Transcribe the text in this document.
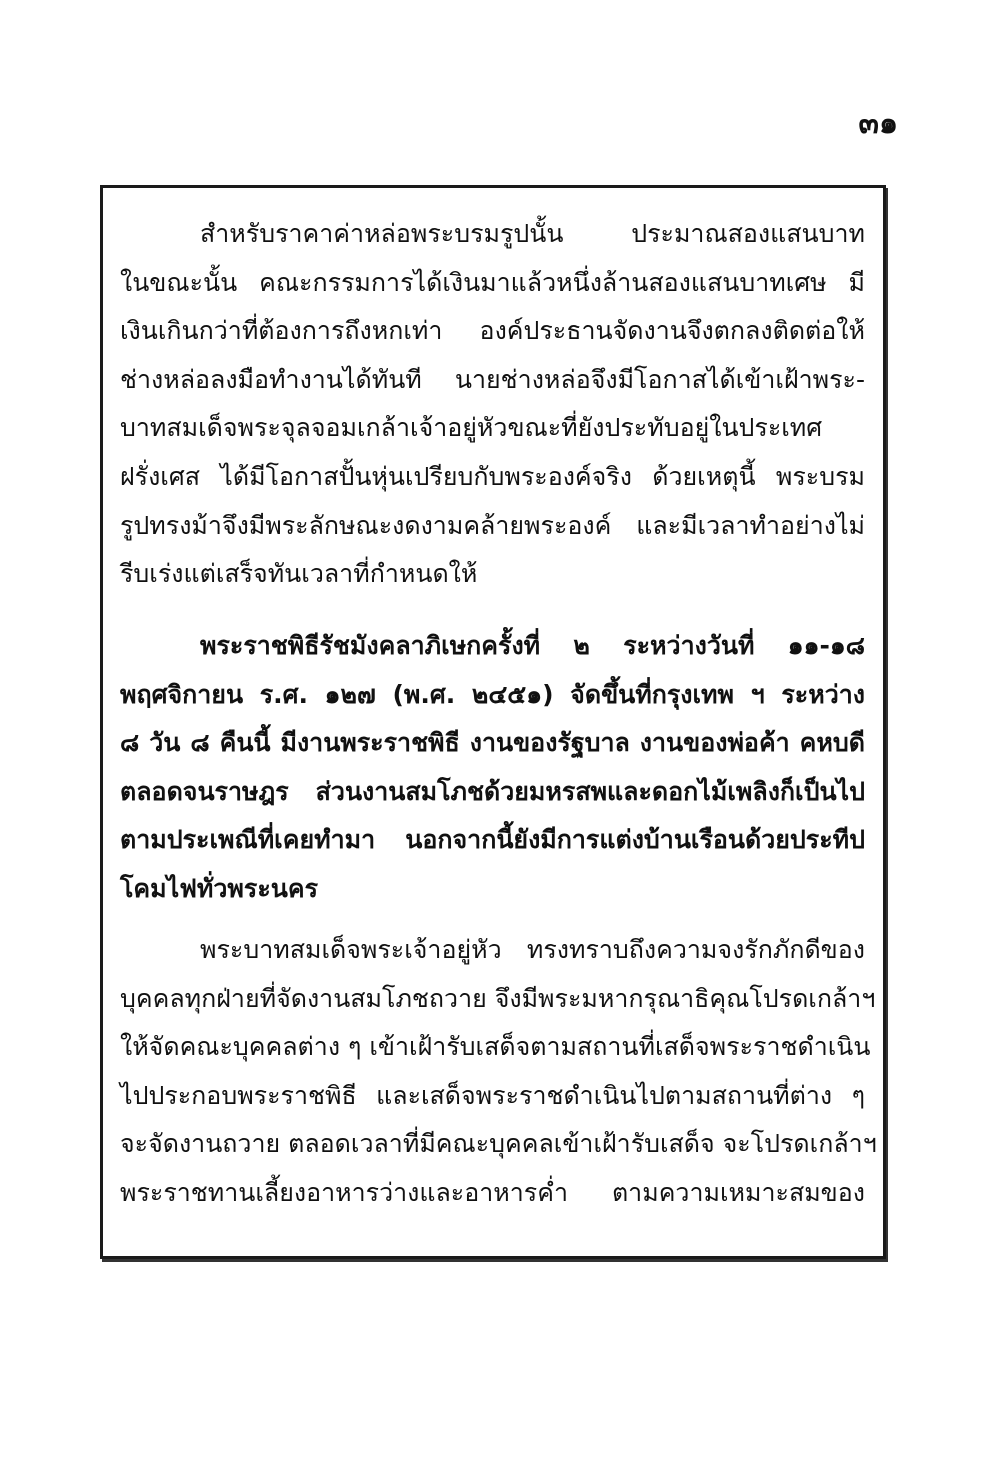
๓๑
สำหรับราคาค่าหล่อพระบรมรูปนั้น ประมาณสองแสนบาท
ในขณะนั้น คณะกรรมการได้เงินมาแล้วหนึ่งล้านสองแสนบาทเศษ มี
เงินเกินกว่าที่ต้องการถึงหกเท่า องค์ประธานจัดงานจึงตกลงติดต่อให้
ช่างหล่อลงมือทำงานได้ทันที นายช่างหล่อจึงมีโอกาสได้เข้าเฝ้าพระ-
บาทสมเด็จพระจุลจอมเกล้าเจ้าอยู่หัวขณะที่ยังประทับอยู่ในประเทศ
ฝรั่งเศส ได้มีโอกาสปั้นหุ่นเปรียบกับพระองค์จริง ด้วยเหตุนี้ พระบรม
รูปทรงม้าจึงมีพระลักษณะงดงามคล้ายพระองค์ และมีเวลาทำอย่างไม่
รีบเร่งแต่เสร็จทันเวลาที่กำหนดให้
พระราชพิธีรัชมังคลาภิเษกครั้งที่ ๒ ระหว่างวันที่ ๑๑-๑๘
พฤศจิกายน ร.ศ. ๑๒๗ (พ.ศ. ๒๔๕๑) จัดขึ้นที่กรุงเทพ ฯ ระหว่าง
๘ วัน ๘ คืนนี้ มีงานพระราชพิธี งานของรัฐบาล งานของพ่อค้า คหบดี
ตลอดจนราษฎร ส่วนงานสมโภชด้วยมหรสพและดอกไม้เพลิงก็เป็นไป
ตามประเพณีที่เคยทำมา นอกจากนี้ยังมีการแต่งบ้านเรือนด้วยประทีป
โคมไฟทั่วพระนคร
พระบาทสมเด็จพระเจ้าอยู่หัว ทรงทราบถึงความจงรักภักดีของ
บุคคลทุกฝ่ายที่จัดงานสมโภชถวาย จึงมีพระมหากรุณาธิคุณโปรดเกล้าฯ
ให้จัดคณะบุคคลต่าง ๆ เข้าเฝ้ารับเสด็จตามสถานที่เสด็จพระราชดำเนิน
ไปประกอบพระราชพิธี และเสด็จพระราชดำเนินไปตามสถานที่ต่าง ๆ
จะจัดงานถวาย ตลอดเวลาที่มีคณะบุคคลเข้าเฝ้ารับเสด็จ จะโปรดเกล้าฯ
พระราชทานเลี้ยงอาหารว่างและอาหารค่ำ ตามความเหมาะสมของ
